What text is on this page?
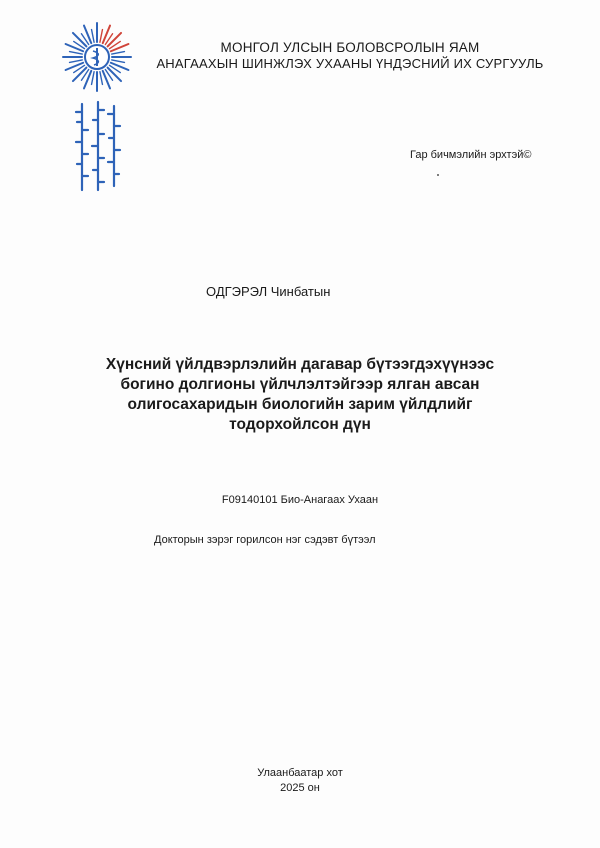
МОНГОЛ УЛСЫН БОЛОВСРОЛЫН ЯАМ
АНАГААХЫН ШИНЖЛЭХ УХААНЫ ҮНДЭСНИЙ ИХ СУРГУУЛЬ
Гар бичмэлийн эрхтэй©
ОДГЭРЭЛ Чинбатын
Хүнсний үйлдвэрлэлийн дагавар бүтээгдэхүүнээс
богино долгионы үйлчлэлтэйгээр ялган авсан
олигосахаридын биологийн зарим үйлдлийг
тодорхойлсон дүн
F09140101 Био-Анагаах Ухаан
Докторын зэрэг горилсон нэг сэдэвт бүтээл
Улаанбаатар хот
2025 он
